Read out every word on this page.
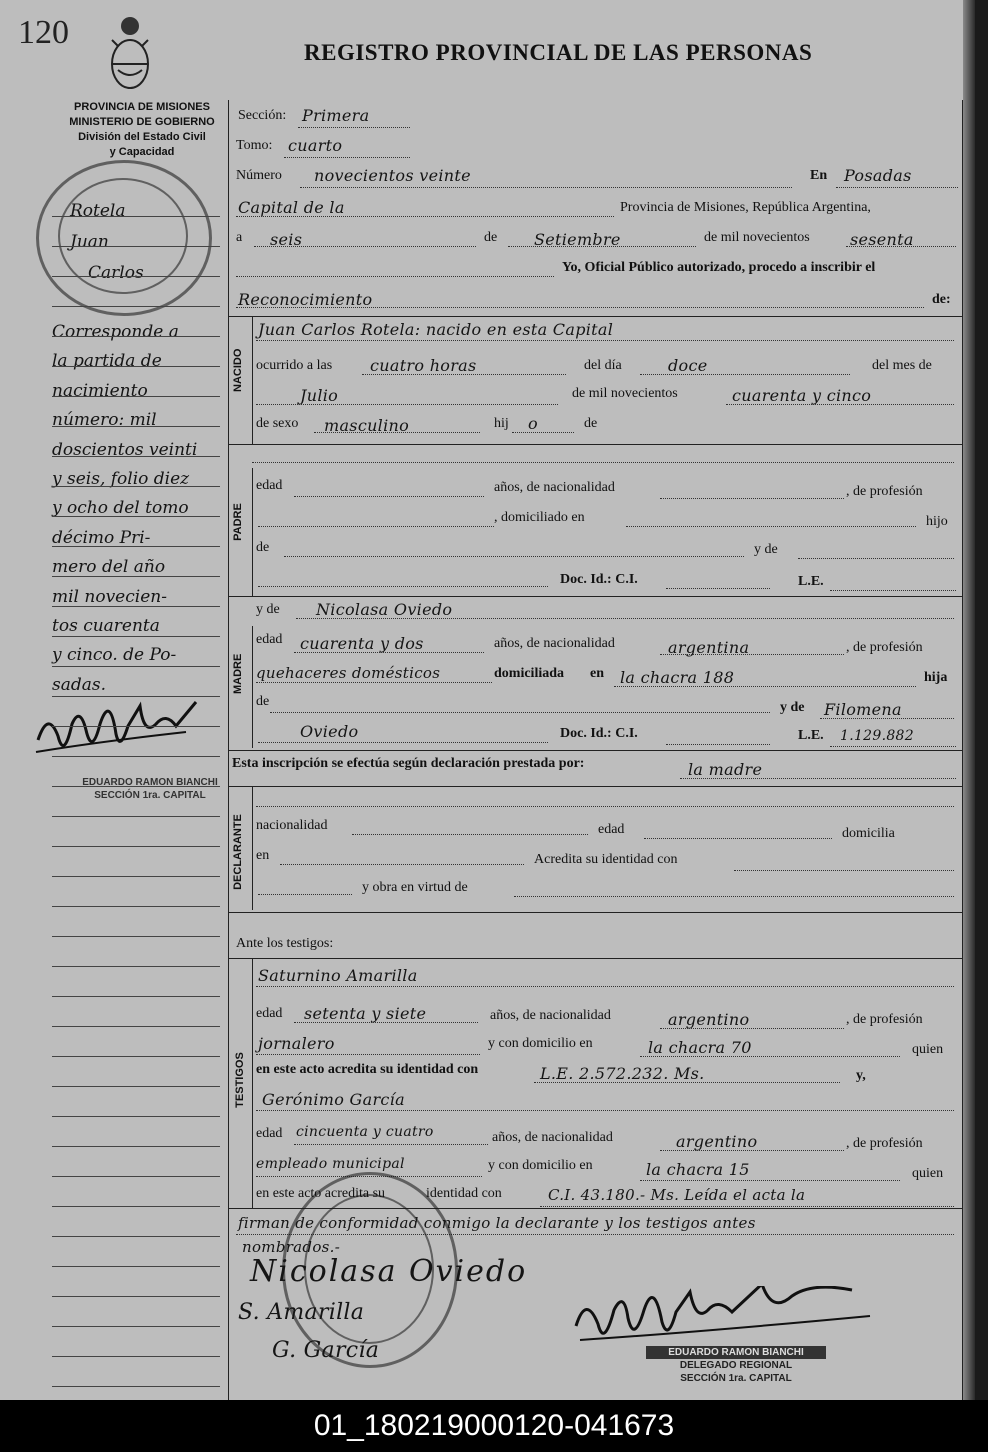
120
REGISTRO PROVINCIAL DE LAS PERSONAS
PROVINCIA DE MISIONES
MINISTERIO DE GOBIERNO
División del Estado Civil
y Capacidad
Rotela
Juan
Carlos
Corresponde a
la partida de
nacimiento
número: mil
doscientos veinti
y seis, folio diez
y ocho del tomo
décimo Pri-
mero del año
mil novecien-
tos cuarenta
y cinco. de Po-
sadas.
EDUARDO RAMON BIANCHI
SECCIÓN 1ra. CAPITAL
Sección: Primera
Tomo: cuarto
Número novecientos veinte	En Posadas
Capital de la	Provincia de Misiones, República Argentina,
a seis	de Setiembre	de mil novecientos	sesenta
Yo, Oficial Público autorizado, procedo a inscribir el
Reconocimiento	de:
NACIDO
Juan Carlos Rotela: nacido en esta Capital
ocurrido a las cuatro horas	del día	doce	del mes de
Julio	de mil novecientos	cuarenta y cinco
de sexo masculino	hij o	de
PADRE
edad	años, de nacionalidad	, de profesión
, domiciliado en	hijo
de	y de
Doc. Id.: C.I.	L.E.
y de Nicolasa Oviedo
MADRE
edad cuarenta y dos	años, de nacionalidad	argentina	, de profesión
quehaceres domésticos	domiciliada en la chacra 188	hija
de	y de Filomena
Oviedo	Doc. Id.: C.I.	L.E. 1.129.882
Esta inscripción se efectúa según declaración prestada por:	la madre
DECLARANTE nacionalidad	edad	domicilia
en	Acredita su identidad con
y obra en virtud de
Ante los testigos:
TESTIGOS
Saturnino Amarilla
edad setenta y siete	años, de nacionalidad	argentino	, de profesión
jornalero	y con domicilio en	la chacra 70	quien
en este acto acredita su identidad con	L.E. 2.572.232. Ms.	y,
Gerónimo García
edad cincuenta y cuatro	años, de nacionalidad	argentino	, de profesión
empleado municipal	y con domicilio en	la chacra 15	quien
en este acto acredita su	identidad con	C.I. 43.180.- Ms. Leída el acta la
firman de conformidad conmigo la declarante y los testigos antes
nombrados.-
Nicolasa Oviedo
S. Amarilla
G. García	EDUARDO RAMON BIANCHI
DELEGADO REGIONAL
SECCIÓN 1ra. CAPITAL
01_180219000120-041673
